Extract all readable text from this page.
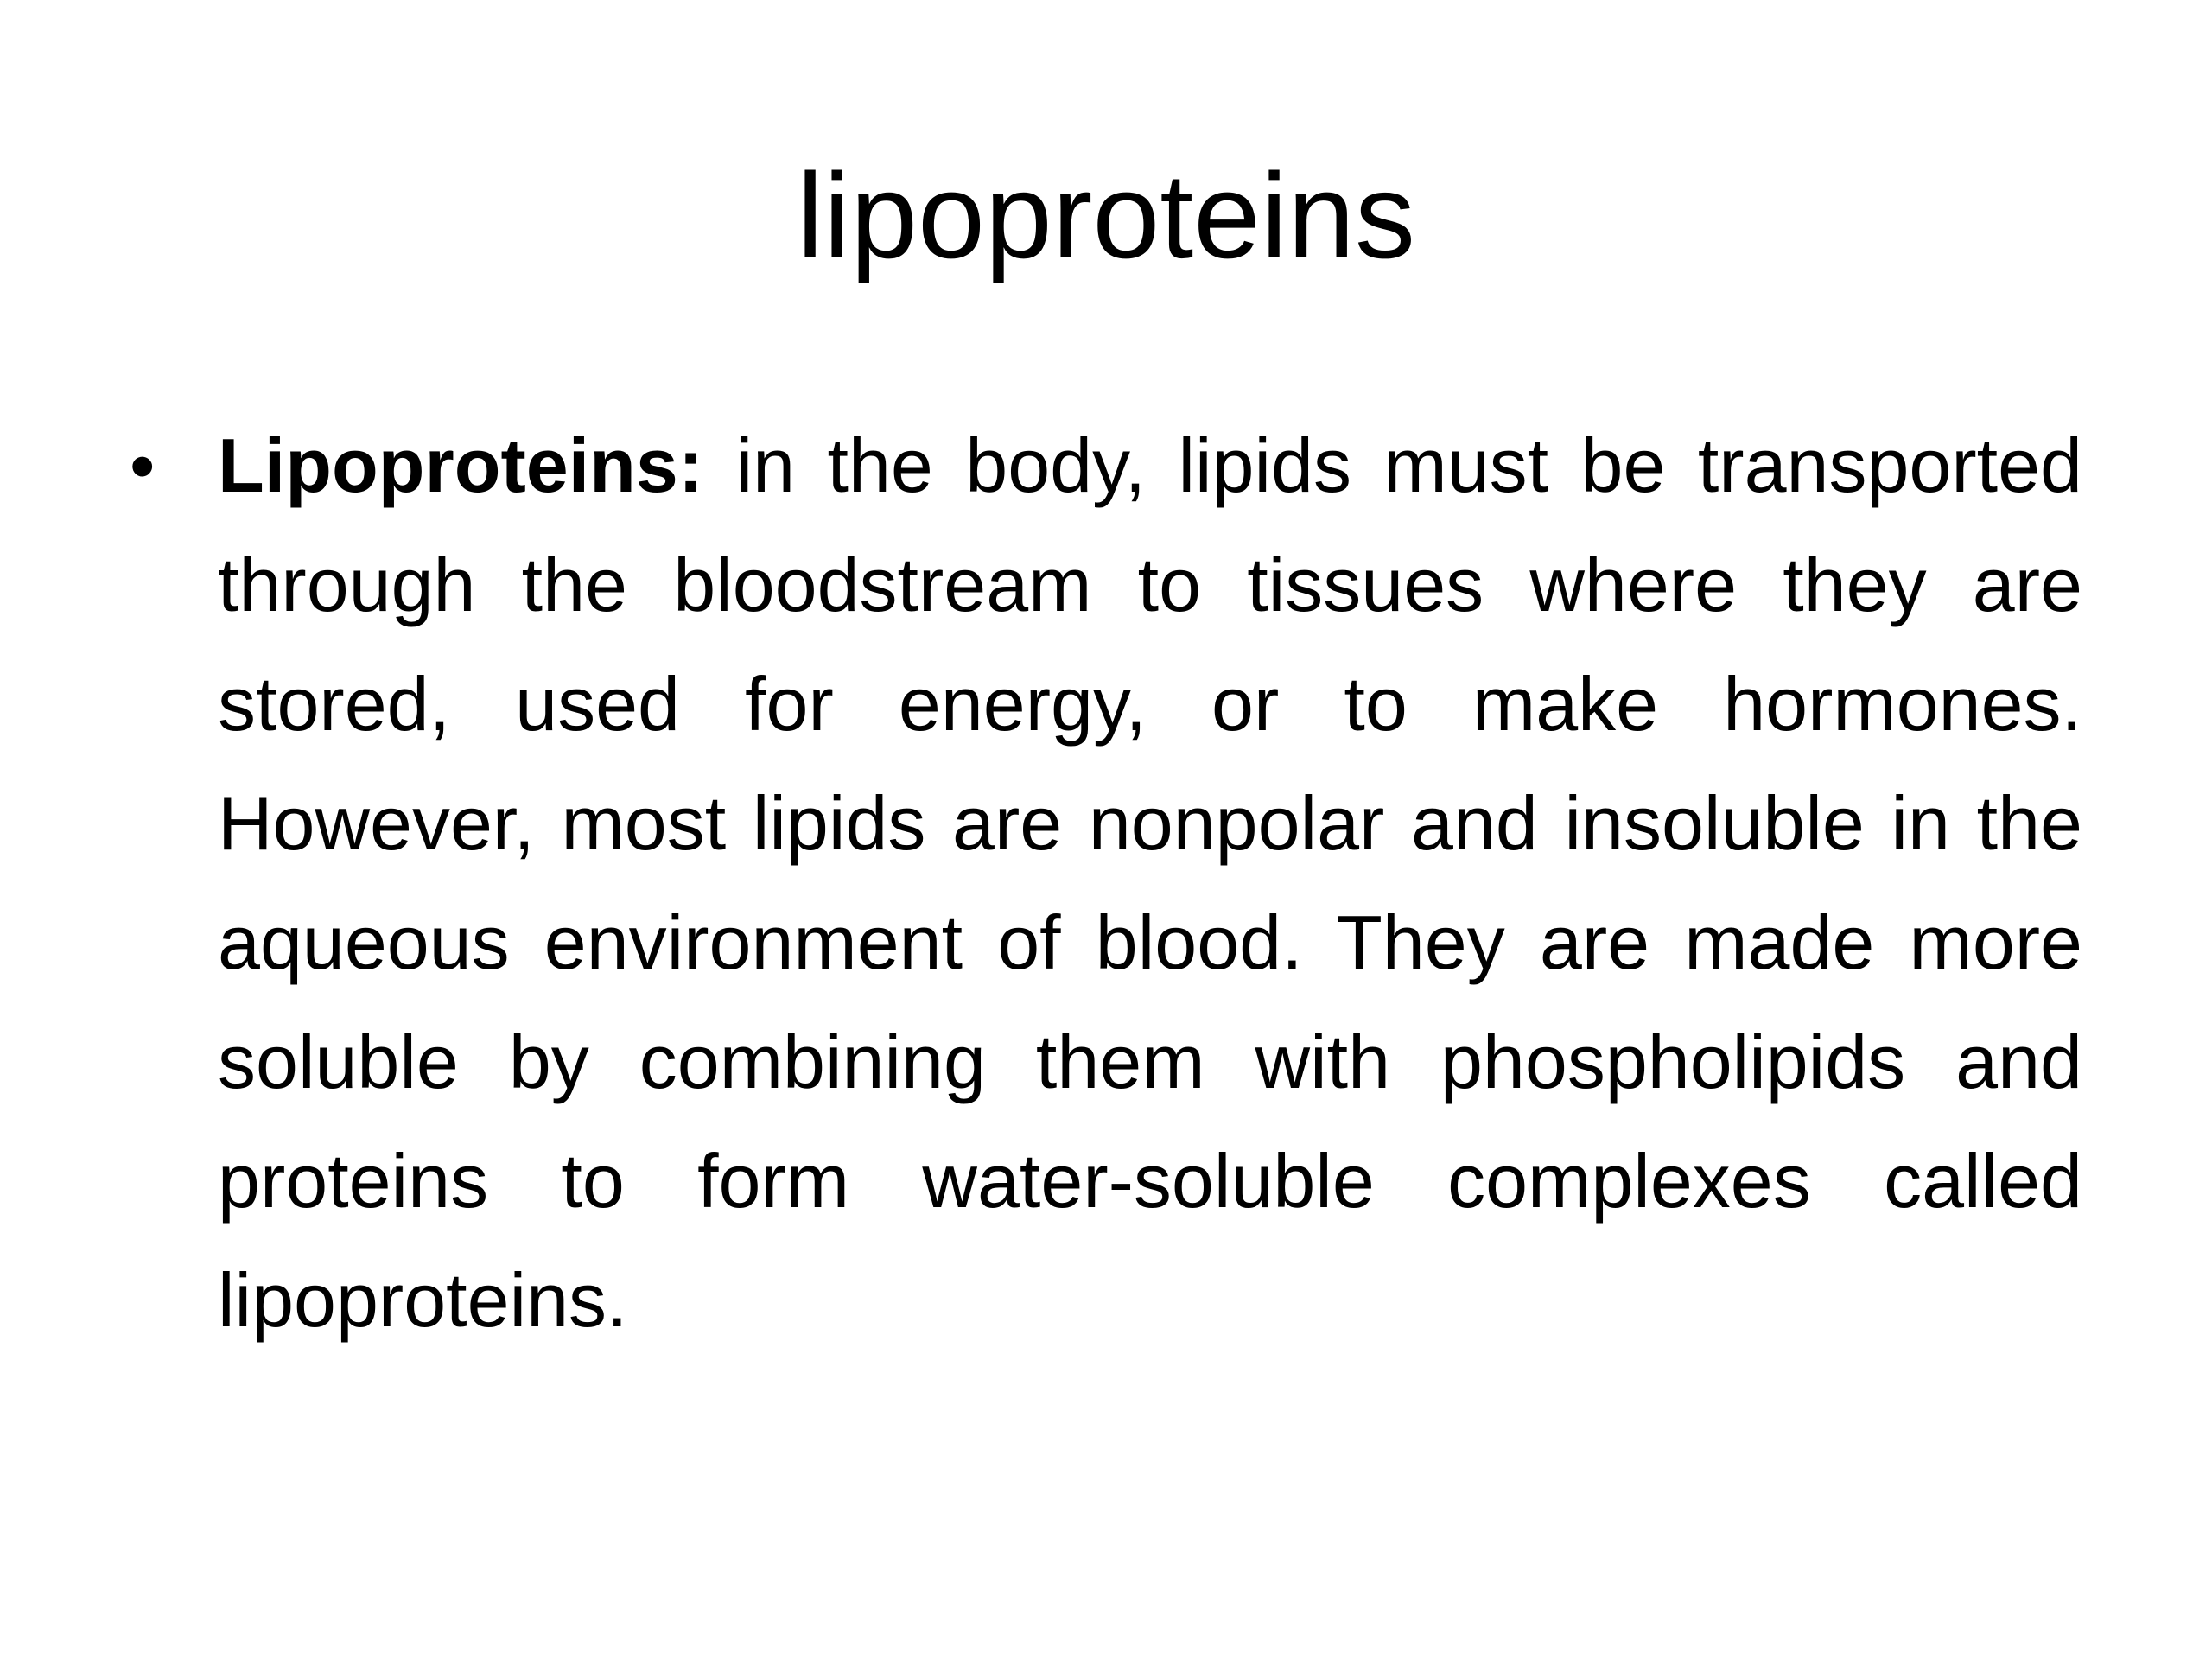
lipoproteins
• Lipoproteins: in the body, lipids must be transported through the bloodstream to tissues where they are stored, used for energy, or to make hormones. However, most lipids are nonpolar and insoluble in the aqueous environment of blood. They are made more soluble by combining them with phospholipids and proteins to form water-soluble complexes called lipoproteins.
